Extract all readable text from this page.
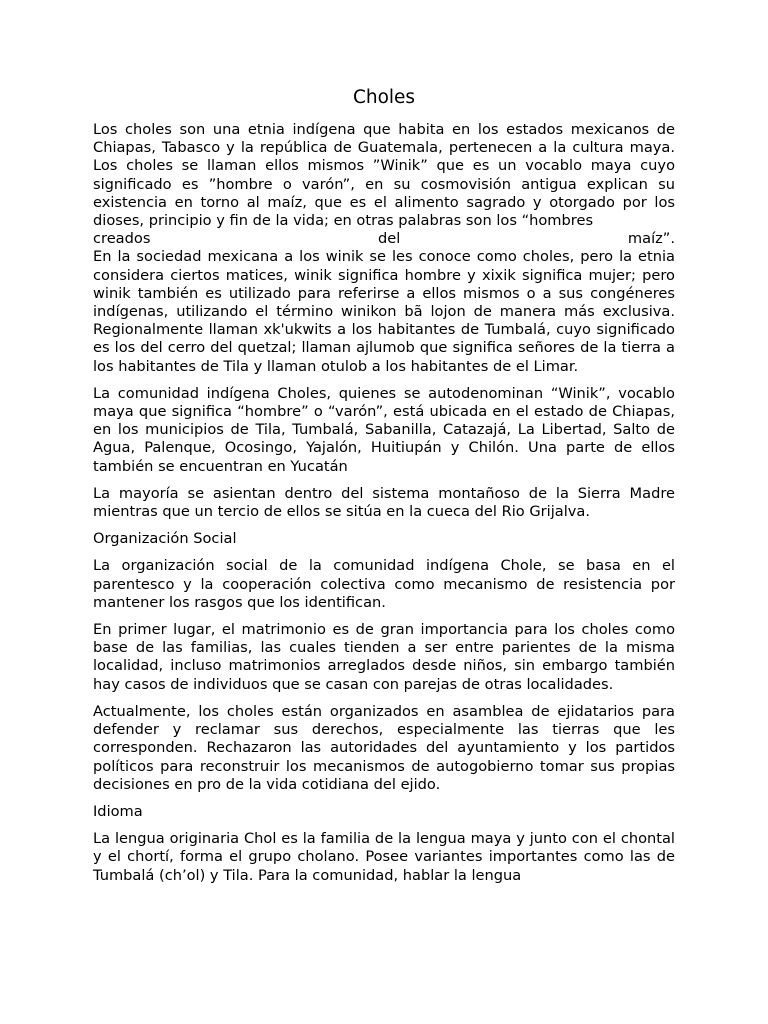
Choles
Los choles son una etnia indígena que habita en los estados mexicanos de Chiapas, Tabasco y la república de Guatemala, pertenecen a la cultura maya. Los choles se llaman ellos mismos ”Winik” que es un vocablo maya cuyo significado es ”hombre o varón”, en su cosmovisión antigua explican su existencia en torno al maíz, que es el alimento sagrado y otorgado por los dioses, principio y fin de la vida; en otras palabras son los “hombres
creados del maíz”.

En la sociedad mexicana a los winik se les conoce como choles, pero la etnia considera ciertos matices, winik significa hombre y xixik significa mujer; pero winik también es utilizado para referirse a ellos mismos o a sus congéneres indígenas, utilizando el término winikon bã lojon de manera más exclusiva. Regionalmente llaman xk'ukwits a los habitantes de Tumbalá, cuyo significado es los del cerro del quetzal; llaman ajlumob que significa señores de la tierra a los habitantes de Tila y llaman otulob a los habitantes de el Limar.

La comunidad indígena Choles, quienes se autodenominan “Winik”, vocablo maya que significa “hombre” o “varón”, está ubicada en el estado de Chiapas, en los municipios de Tila, Tumbalá, Sabanilla, Catazajá, La Libertad, Salto de Agua, Palenque, Ocosingo, Yajalón, Huitiupán y Chilón. Una parte de ellos también se encuentran en Yucatán

La mayoría se asientan dentro del sistema montañoso de la Sierra Madre mientras que un tercio de ellos se sitúa en la cueca del Rio Grijalva.

Organización Social

La organización social de la comunidad indígena Chole, se basa en el parentesco y la cooperación colectiva como mecanismo de resistencia por mantener los rasgos que los identifican.

En primer lugar, el matrimonio es de gran importancia para los choles como base de las familias, las cuales tienden a ser entre parientes de la misma localidad, incluso matrimonios arreglados desde niños, sin embargo también hay casos de individuos que se casan con parejas de otras localidades.

Actualmente, los choles están organizados en asamblea de ejidatarios para defender y reclamar sus derechos, especialmente las tierras que les corresponden. Rechazaron las autoridades del ayuntamiento y los partidos políticos para reconstruir los mecanismos de autogobierno tomar sus propias decisiones en pro de la vida cotidiana del ejido.

Idioma

La lengua originaria Chol es la familia de la lengua maya y junto con el chontal y el chortí, forma el grupo cholano. Posee variantes importantes como las de Tumbalá (ch’ol) y Tila. Para la comunidad, hablar la lengua
